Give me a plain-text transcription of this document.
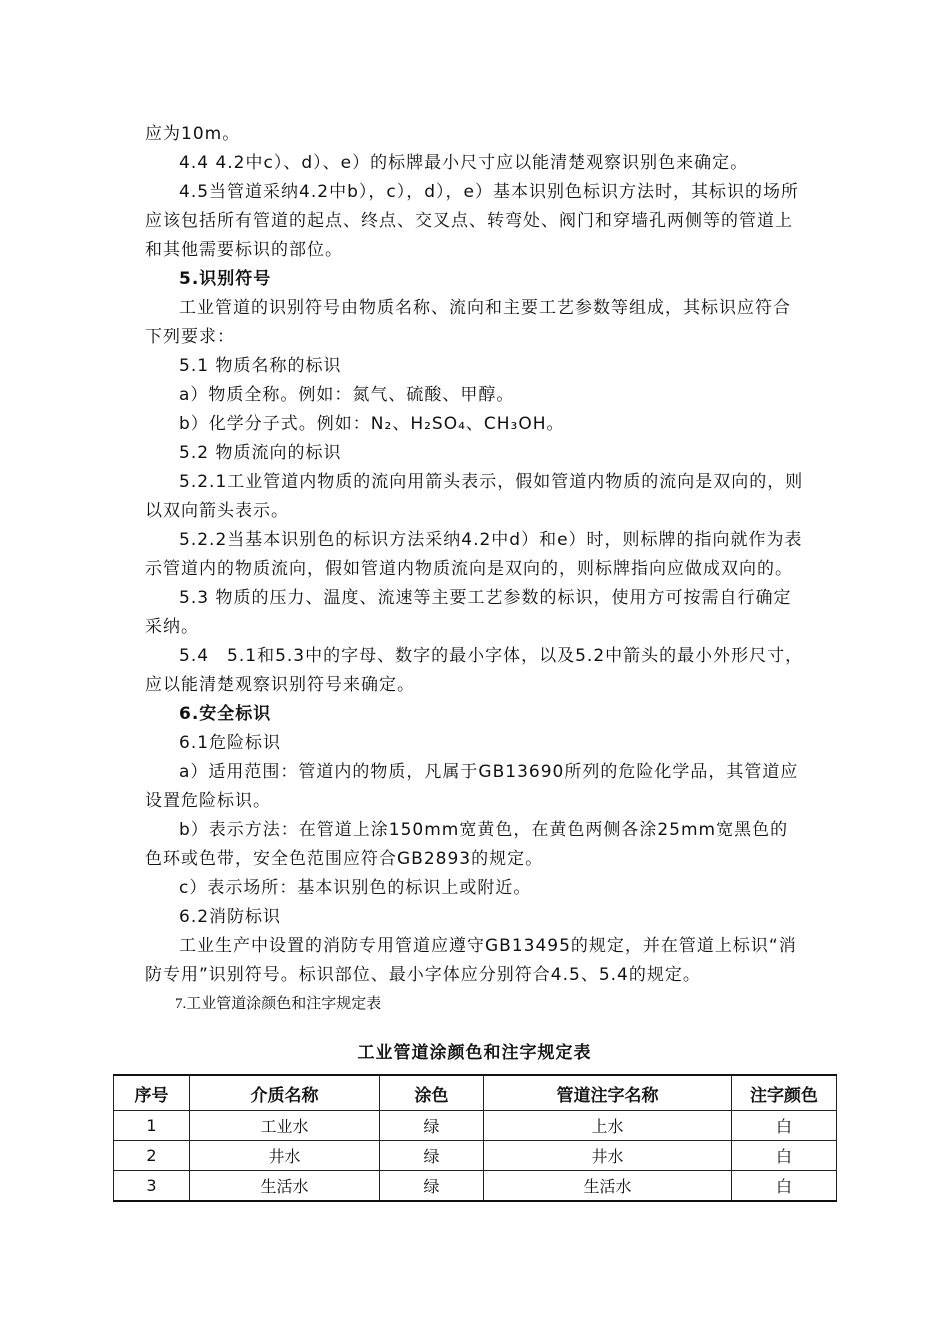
应为10m。

4.4 4.2中c）、d）、e）的标牌最小尺寸应以能清楚观察识别色来确定。

4.5当管道采纳4.2中b），c），d），e）基本识别色标识方法时，其标识的场所应该包括所有管道的起点、终点、交叉点、转弯处、阀门和穿墙孔两侧等的管道上和其他需要标识的部位。

5.识别符号

工业管道的识别符号由物质名称、流向和主要工艺参数等组成，其标识应符合下列要求：

5.1 物质名称的标识

a）物质全称。例如：氮气、硫酸、甲醇。

b）化学分子式。例如：N₂、H₂SO₄、CH₃OH。

5.2 物质流向的标识

5.2.1工业管道内物质的流向用箭头表示，假如管道内物质的流向是双向的，则以双向箭头表示。

5.2.2当基本识别色的标识方法采纳4.2中d）和e）时，则标牌的指向就作为表示管道内的物质流向，假如管道内物质流向是双向的，则标牌指向应做成双向的。

5.3 物质的压力、温度、流速等主要工艺参数的标识，使用方可按需自行确定采纳。

5.4　5.1和5.3中的字母、数字的最小字体，以及5.2中箭头的最小外形尺寸，应以能清楚观察识别符号来确定。

6.安全标识

6.1危险标识

a）适用范围：管道内的物质，凡属于GB13690所列的危险化学品，其管道应设置危险标识。

b）表示方法：在管道上涂150mm宽黄色，在黄色两侧各涂25mm宽黑色的色环或色带，安全色范围应符合GB2893的规定。

c）表示场所：基本识别色的标识上或附近。

6.2消防标识

工业生产中设置的消防专用管道应遵守GB13495的规定，并在管道上标识“消防专用”识别符号。标识部位、最小字体应分别符合4.5、5.4的规定。

7.工业管道涂颜色和注字规定表

工业管道涂颜色和注字规定表
序号	介质名称	涂色	管道注字名称	注字颜色
1	工业水	绿	上水	白
2	井水	绿	井水	白
3	生活水	绿	生活水	白
